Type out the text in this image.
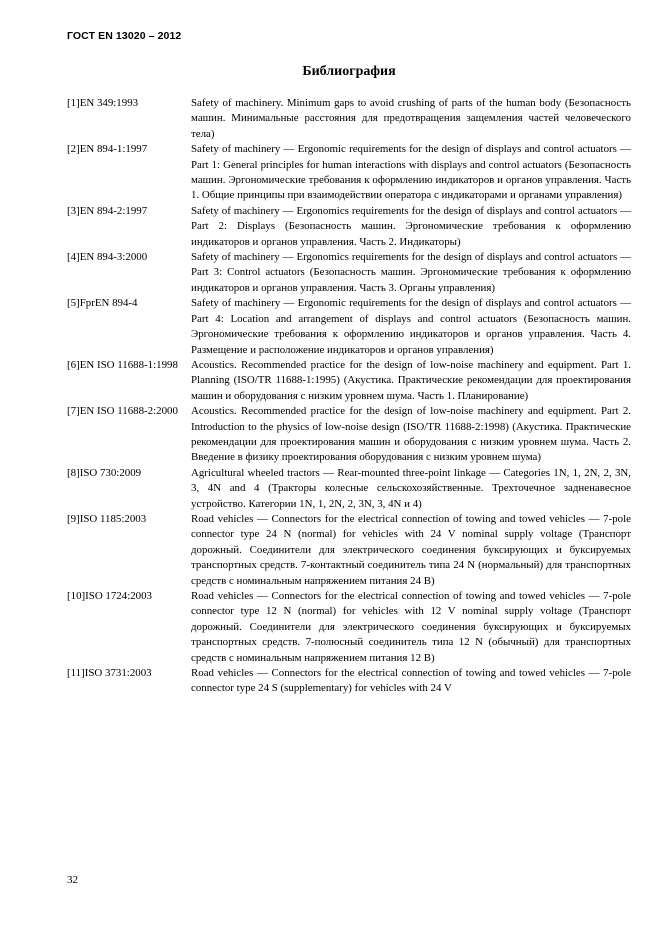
ГОСТ EN 13020 – 2012
Библиография
[1]EN 349:1993	Safety of machinery. Minimum gaps to avoid crushing of parts of the human body (Безопасность машин. Минимальные расстояния для предотвращения защемления частей человеческого тела)
[2]EN 894-1:1997	Safety of machinery — Ergonomic requirements for the design of displays and control actuators — Part 1: General principles for human interactions with displays and control actuators (Безопасность машин. Эргономические требования к оформлению индикаторов и органов управления. Часть 1. Общие принципы при взаимодействии оператора с индикаторами и органами управления)
[3]EN 894-2:1997	Safety of machinery — Ergonomics requirements for the design of displays and control actuators — Part 2: Displays (Безопасность машин. Эргономические требования к оформлению индикаторов и органов управления. Часть 2. Индикаторы)
[4]EN 894-3:2000	Safety of machinery — Ergonomics requirements for the design of displays and control actuators — Part 3: Control actuators (Безопасность машин. Эргономические требования к оформлению индикаторов и органов управления. Часть 3. Органы управления)
[5]FprEN 894-4	Safety of machinery — Ergonomic requirements for the design of displays and control actuators — Part 4: Location and arrangement of displays and control actuators (Безопасность машин. Эргономические требования к оформлению индикаторов и органов управления. Часть 4. Размещение и расположение индикаторов и органов управления)
[6]EN ISO 11688-1:1998	Acoustics. Recommended practice for the design of low-noise machinery and equipment. Part 1. Planning (ISO/TR 11688-1:1995) (Акустика. Практические рекомендации для проектирования машин и оборудования с низким уровнем шума. Часть 1. Планирование)
[7]EN ISO 11688-2:2000	Acoustics. Recommended practice for the design of low-noise machinery and equipment. Part 2. Introduction to the physics of low-noise design (ISO/TR 11688-2:1998) (Акустика. Практические рекомендации для проектирования машин и оборудования с низким уровнем шума. Часть 2. Введение в физику проектирования оборудования с низким уровнем шума)
[8]ISO 730:2009	Agricultural wheeled tractors — Rear-mounted three-point linkage — Categories 1N, 1, 2N, 2, 3N, 3, 4N and 4 (Тракторы колесные сельскохозяйственные. Трехточечное задненавесное устройство. Категории 1N, 1, 2N, 2, 3N, 3, 4N и 4)
[9]ISO 1185:2003	Road vehicles — Connectors for the electrical connection of towing and towed vehicles — 7-pole connector type 24 N (normal) for vehicles with 24 V nominal supply voltage (Транспорт дорожный. Соединители для электрического соединения буксирующих и буксируемых транспортных средств. 7-контактный соединитель типа 24 N (нормальный) для транспортных средств с номинальным напряжением питания 24 В)
[10]ISO 1724:2003	Road vehicles — Connectors for the electrical connection of towing and towed vehicles — 7-pole connector type 12 N (normal) for vehicles with 12 V nominal supply voltage (Транспорт дорожный. Соединители для электрического соединения буксирующих и буксируемых транспортных средств. 7-полюсный соединитель типа 12 N (обычный) для транспортных средств с номинальным напряжением питания 12 В)
[11]ISO 3731:2003	Road vehicles — Connectors for the electrical connection of towing and towed vehicles — 7-pole connector type 24 S (supplementary) for vehicles with 24 V
32
